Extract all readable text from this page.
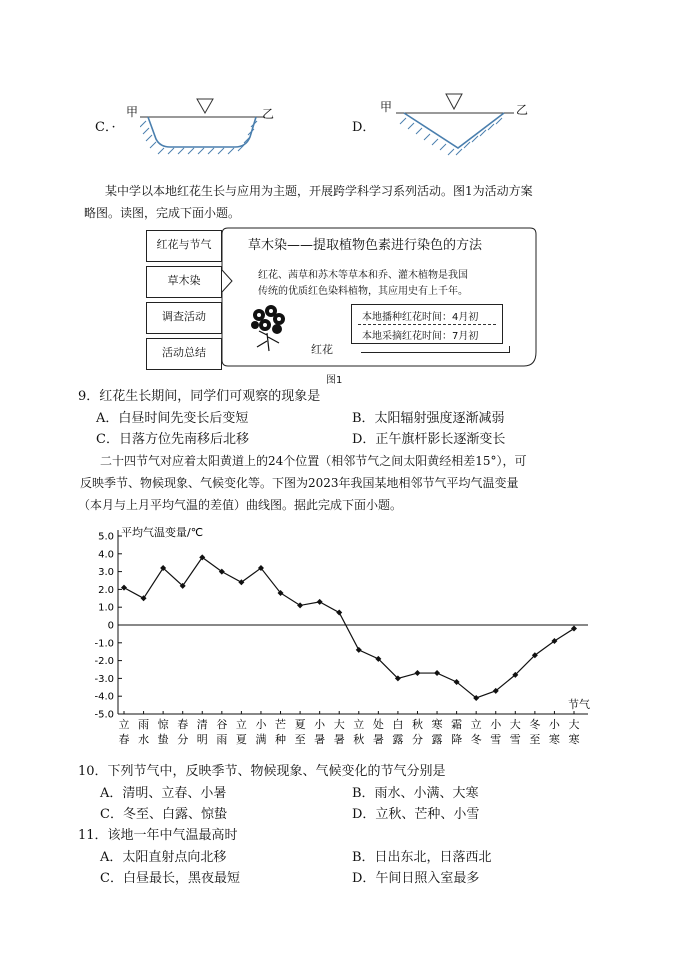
C．·
甲	乙
D．
甲	乙
某中学以本地红花生长与应用为主题，开展跨学科学习系列活动。图1为活动方案
略图。读图，完成下面小题。
红花与节气
草木染
调查活动
活动总结
草木染——提取植物色素进行染色的方法
红花、茜草和苏木等草本和乔、灌木植物是我国
传统的优质红色染料植物，其应用史有上千年。
本地播种红花时间：4月初
本地采摘红花时间：7月初
红花
图1
9．红花生长期间，同学们可观察的现象是
A．白昼时间先变长后变短	B．太阳辐射强度逐渐减弱
C．日落方位先南移后北移	D．正午旗杆影长逐渐变长
二十四节气对应着太阳黄道上的24个位置（相邻节气之间太阳黄经相差15°），可
反映季节、物候现象、气候变化等。下图为2023年我国某地相邻节气平均气温变量
（本月与上月平均气温的差值）曲线图。据此完成下面小题。
5.0
4.0
3.0
2.0
1.0
0
-1.0
-2.0
-3.0
-4.0
-5.0
平均气温变量/℃
节气
立
春
雨
水
惊
蛰
春
分
清
明
谷
雨
立
夏
小
满
芒
种
夏
至
小
暑
大
暑
立
秋
处
暑
白
露
秋
分
寒
露
霜
降
立
冬
小
雪
大
雪
冬
至
小
寒
大
寒
10．下列节气中，反映季节、物候现象、气候变化的节气分别是
A．清明、立春、小暑	B．雨水、小满、大寒
C．冬至、白露、惊蛰	D．立秋、芒种、小雪
11．该地一年中气温最高时
A．太阳直射点向北移	B．日出东北，日落西北
C．白昼最长，黑夜最短	D．午间日照入室最多
